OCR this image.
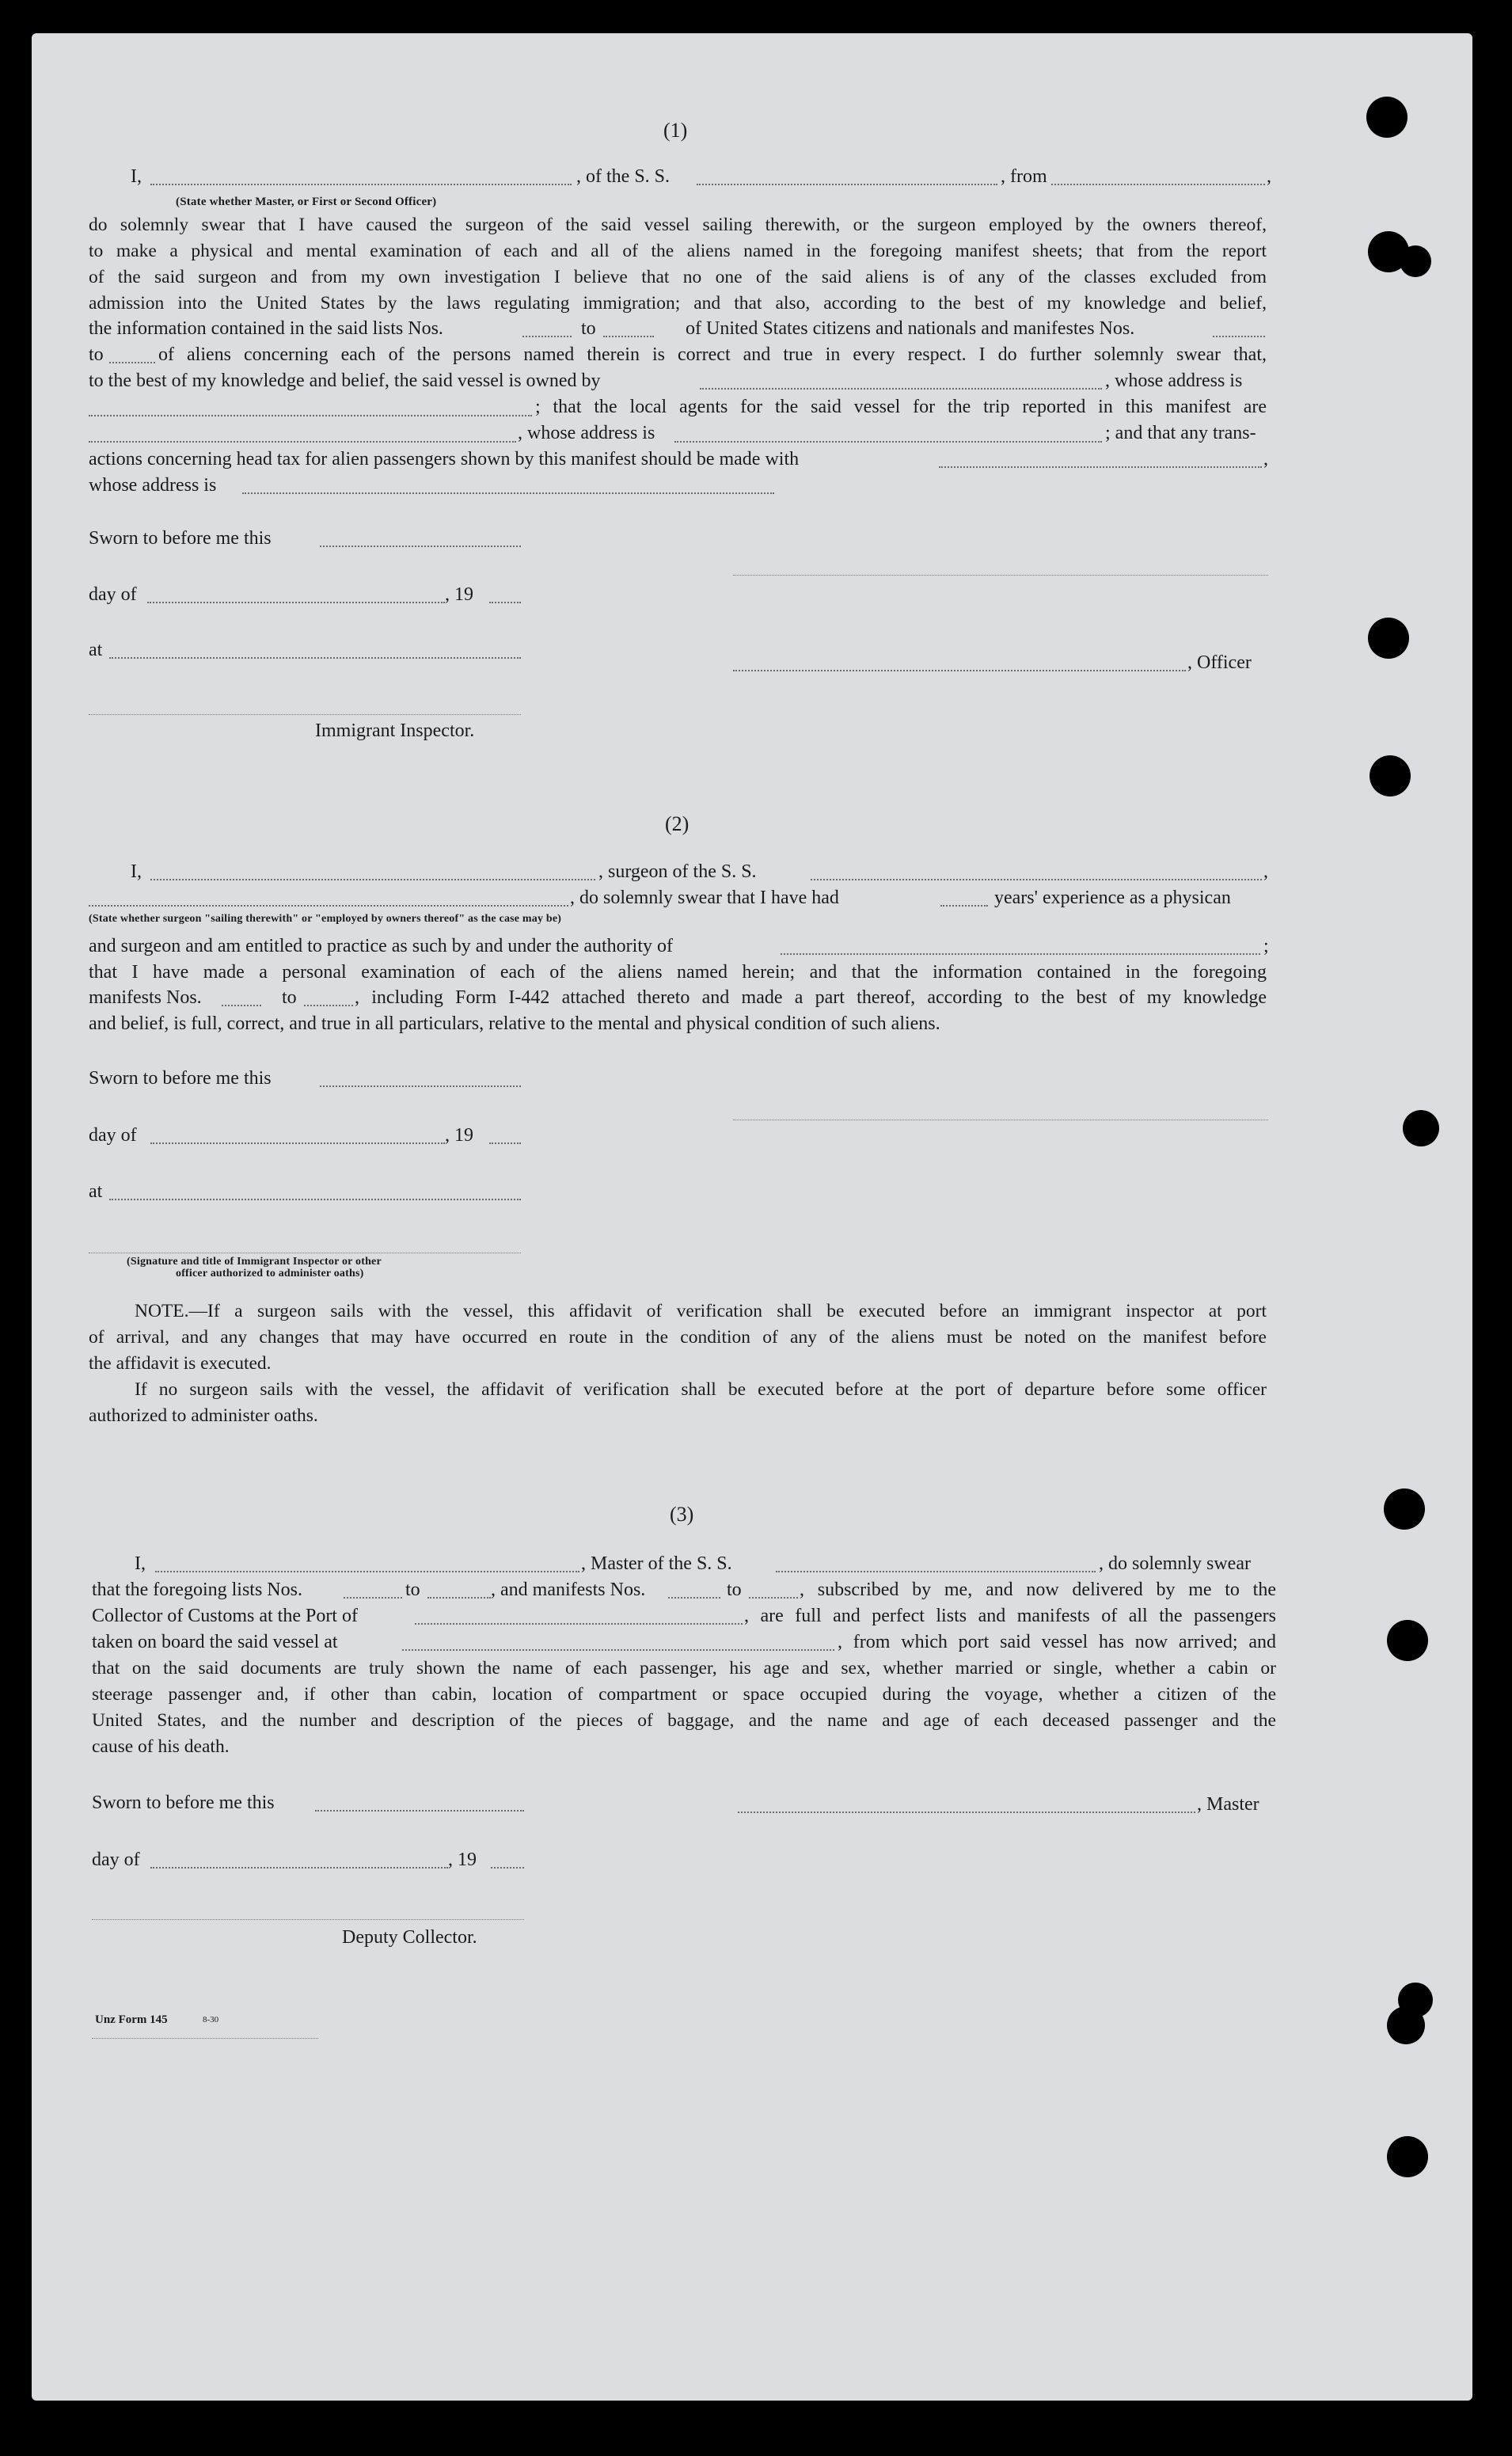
(1)
I,	, of the S. S.	, from	,
(State whether Master, or First or Second Officer)
do solemnly swear that I have caused the surgeon of the said vessel sailing therewith, or the surgeon employed by the owners thereof,
to make a physical and mental examination of each and all of the aliens named in the foregoing manifest sheets; that from the report
of the said surgeon and from my own investigation I believe that no one of the said aliens is of any of the classes excluded from
admission into the United States by the laws regulating immigration; and that also, according to the best of my knowledge and belief,
the information contained in the said lists Nos.	to	of United States citizens and nationals and manifestes Nos.
to	of aliens concerning each of the persons named therein is correct and true in every respect. I do further solemnly swear that,
to the best of my knowledge and belief, the said vessel is owned by	, whose address is
; that the local agents for the said vessel for the trip reported in this manifest are
, whose address is	; and that any trans-
actions concerning head tax for alien passengers shown by this manifest should be made with	,
whose address is
Sworn to before me this
day of	, 19
at
, Officer
Immigrant Inspector.
(2)
I,	, surgeon of the S. S.	,
, do solemnly swear that I have had	years' experience as a physican
(State whether surgeon "sailing therewith" or "employed by owners thereof" as the case may be)
and surgeon and am entitled to practice as such by and under the authority of	;
that I have made a personal examination of each of the aliens named herein; and that the information contained in the foregoing
manifests Nos.	to	, including Form I-442 attached thereto and made a part thereof, according to the best of my knowledge
and belief, is full, correct, and true in all particulars, relative to the mental and physical condition of such aliens.
Sworn to before me this
day of	, 19
at
(Signature and title of Immigrant Inspector or other
officer authorized to administer oaths)
NOTE.—If a surgeon sails with the vessel, this affidavit of verification shall be executed before an immigrant inspector at port
of arrival, and any changes that may have occurred en route in the condition of any of the aliens must be noted on the manifest before
the affidavit is executed.
If no surgeon sails with the vessel, the affidavit of verification shall be executed before at the port of departure before some officer
authorized to administer oaths.
(3)
I,	, Master of the S. S.	, do solemnly swear
that the foregoing lists Nos.	to	, and manifests Nos.	to	, subscribed by me, and now delivered by me to the
Collector of Customs at the Port of	, are full and perfect lists and manifests of all the passengers
taken on board the said vessel at	, from which port said vessel has now arrived; and
that on the said documents are truly shown the name of each passenger, his age and sex, whether married or single, whether a cabin or
steerage passenger and, if other than cabin, location of compartment or space occupied during the voyage, whether a citizen of the
United States, and the number and description of the pieces of baggage, and the name and age of each deceased passenger and the
cause of his death.
Sworn to before me this	, Master
day of	, 19
Deputy Collector.
Unz Form 145	8-30
